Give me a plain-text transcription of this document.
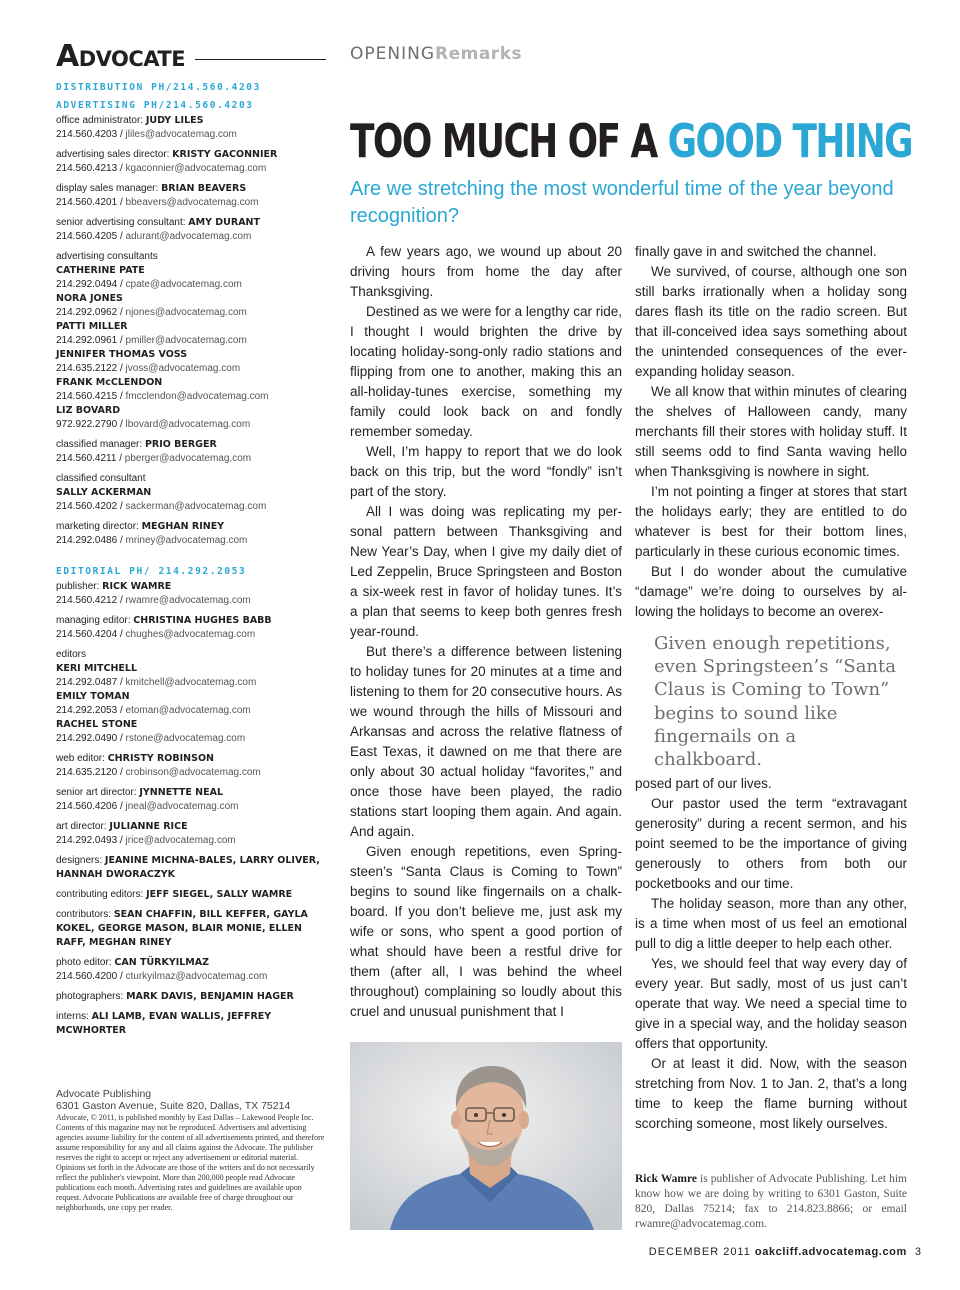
Advocate
DISTRIBUTION PH/214.560.4203
ADVERTISING PH/214.560.4203
office administrator: JUDY LILES
214.560.4203 / jliles@advocatemag.com
advertising sales director: KRISTY GACONNIER
214.560.4213 / kgaconnier@advocatemag.com
display sales manager: BRIAN BEAVERS
214.560.4201 / bbeavers@advocatemag.com
senior advertising consultant: AMY DURANT
214.560.4205 / adurant@advocatemag.com
advertising consultants
CATHERINE PATE
214.292.0494 / cpate@advocatemag.com
NORA JONES
214.292.0962 / njones@advocatemag.com
PATTI MILLER
214.292.0961 / pmiller@advocatemag.com
JENNIFER THOMAS VOSS
214.635.2122 / jvoss@advocatemag.com
FRANK McCLENDON
214.560.4215 / fmcclendon@advocatemag.com
LIZ BOVARD
972.922.2790 / lbovard@advocatemag.com
classified manager: PRIO BERGER
214.560.4211 / pberger@advocatemag.com
classified consultant
SALLY ACKERMAN
214.560.4202 / sackerman@advocatemag.com
marketing director: MEGHAN RINEY
214.292.0486 / mriney@advocatemag.com
EDITORIAL PH/ 214.292.2053
publisher: RICK WAMRE
214.560.4212 / rwamre@advocatemag.com
managing editor: CHRISTINA HUGHES BABB
214.560.4204 / chughes@advocatemag.com
editors
KERI MITCHELL
214.292.0487 / kmitchell@advocatemag.com
EMILY TOMAN
214.292.2053 / etoman@advocatemag.com
RACHEL STONE
214.292.0490 / rstone@advocatemag.com
web editor: CHRISTY ROBINSON
214.635.2120 / crobinson@advocatemag.com
senior art director: JYNNETTE NEAL
214.560.4206 / jneal@advocatemag.com
art director: JULIANNE RICE
214.292.0493 / jrice@advocatemag.com
designers: JEANINE MICHNA-BALES, LARRY OLIVER, HANNAH DWORACZYK
contributing editors: JEFF SIEGEL, SALLY WAMRE
contributors: SEAN CHAFFIN, BILL KEFFER, GAYLA KOKEL, GEORGE MASON, BLAIR MONIE, ELLEN RAFF, MEGHAN RINEY
photo editor: CAN TÜRKYILMAZ
214.560.4200 / cturkyilmaz@advocatemag.com
photographers: MARK DAVIS, BENJAMIN HAGER
interns: ALI LAMB, EVAN WALLIS, JEFFREY MCWHORTER
Advocate Publishing
6301 Gaston Avenue, Suite 820, Dallas, TX 75214
Advocate, © 2011, is published monthly by East Dallas – Lakewood People Inc. Contents of this magazine may not be reproduced. Advertisers and advertising agencies assume liability for the content of all advertisements printed, and therefore assume responsibility for any and all claims against the Advocate. The publisher reserves the right to accept or reject any advertisement or editorial material. Opinions set forth in the Advocate are those of the writers and do not necessarily reflect the publisher's viewpoint. More than 200,000 people read Advocate publications each month. Advertising rates and guidelines are available upon request. Advocate Publications are available free of charge throughout our neighborhoods, one copy per reader.
OPENINGRemarks
TOO MUCH OF A GOOD THING
Are we stretching the most wonderful time of the year beyond recognition?

A few years ago, we wound up about 20 driving hours from home the day after Thanksgiving.

Destined as we were for a lengthy car ride, I thought I would brighten the drive by locating holiday-song-only radio stations and flipping from one to another, making this an all-holiday-tunes exercise, something my family could look back on and fondly remember someday.

Well, I’m happy to report that we do look back on this trip, but the word “fondly” isn’t part of the story.

All I was doing was replicating my personal pattern between Thanksgiving and New Year’s Day, when I give my daily diet of Led Zeppelin, Bruce Springsteen and Boston a six-week rest in favor of holiday tunes. It’s a plan that seems to keep both genres fresh year-round.

But there’s a difference between listening to holiday tunes for 20 minutes at a time and listening to them for 20 consecutive hours. As we wound through the hills of Missouri and Arkansas and across the relative flatness of East Texas, it dawned on me that there are only about 30 actual holiday “favorites,” and once those have been played, the radio stations start looping them again. And again. And again.

Given enough repetitions, even Springsteen’s “Santa Claus is Coming to Town” begins to sound like fingernails on a chalkboard. If you don’t believe me, just ask my wife or sons, who spent a good portion of what should have been a restful drive for them (after all, I was behind the wheel throughout) complaining so loudly about this cruel and unusual punishment that I

finally gave in and switched the channel.

We survived, of course, although one son still barks irrationally when a holiday song dares flash its title on the radio screen. But that ill-conceived idea says something about the unintended consequences of the ever-expanding holiday season.

We all know that within minutes of clearing the shelves of Halloween candy, many merchants fill their stores with holiday stuff. It still seems odd to find Santa waving hello when Thanksgiving is nowhere in sight.

I’m not pointing a finger at stores that start the holidays early; they are entitled to do whatever is best for their bottom lines, particularly in these curious economic times.

But I do wonder about the cumulative “damage” we’re doing to ourselves by allowing the holidays to become an overex-

posed part of our lives.

Our pastor used the term “extravagant generosity” during a recent sermon, and his point seemed to be the importance of giving generously to others from both our pocketbooks and our time.

The holiday season, more than any other, is a time when most of us feel an emotional pull to dig a little deeper to help each other.

Yes, we should feel that way every day of every year. But sadly, most of us just can’t operate that way. We need a special time to give in a special way, and the holiday season offers that opportunity.

Or at least it did. Now, with the season stretching from Nov. 1 to Jan. 2, that’s a long time to keep the flame burning without scorching someone, most likely ourselves.

Given enough repetitions, even Springsteen’s “Santa Claus is Coming to Town” begins to sound like fingernails on a chalkboard.
Rick Wamre is publisher of Advocate Publishing. Let him know how we are doing by writing to 6301 Gaston, Suite 820, Dallas 75214; fax to 214.823.8866; or email rwamre@advocatemag.com.
DECEMBER 2011 oakcliff.advocatemag.com 3
